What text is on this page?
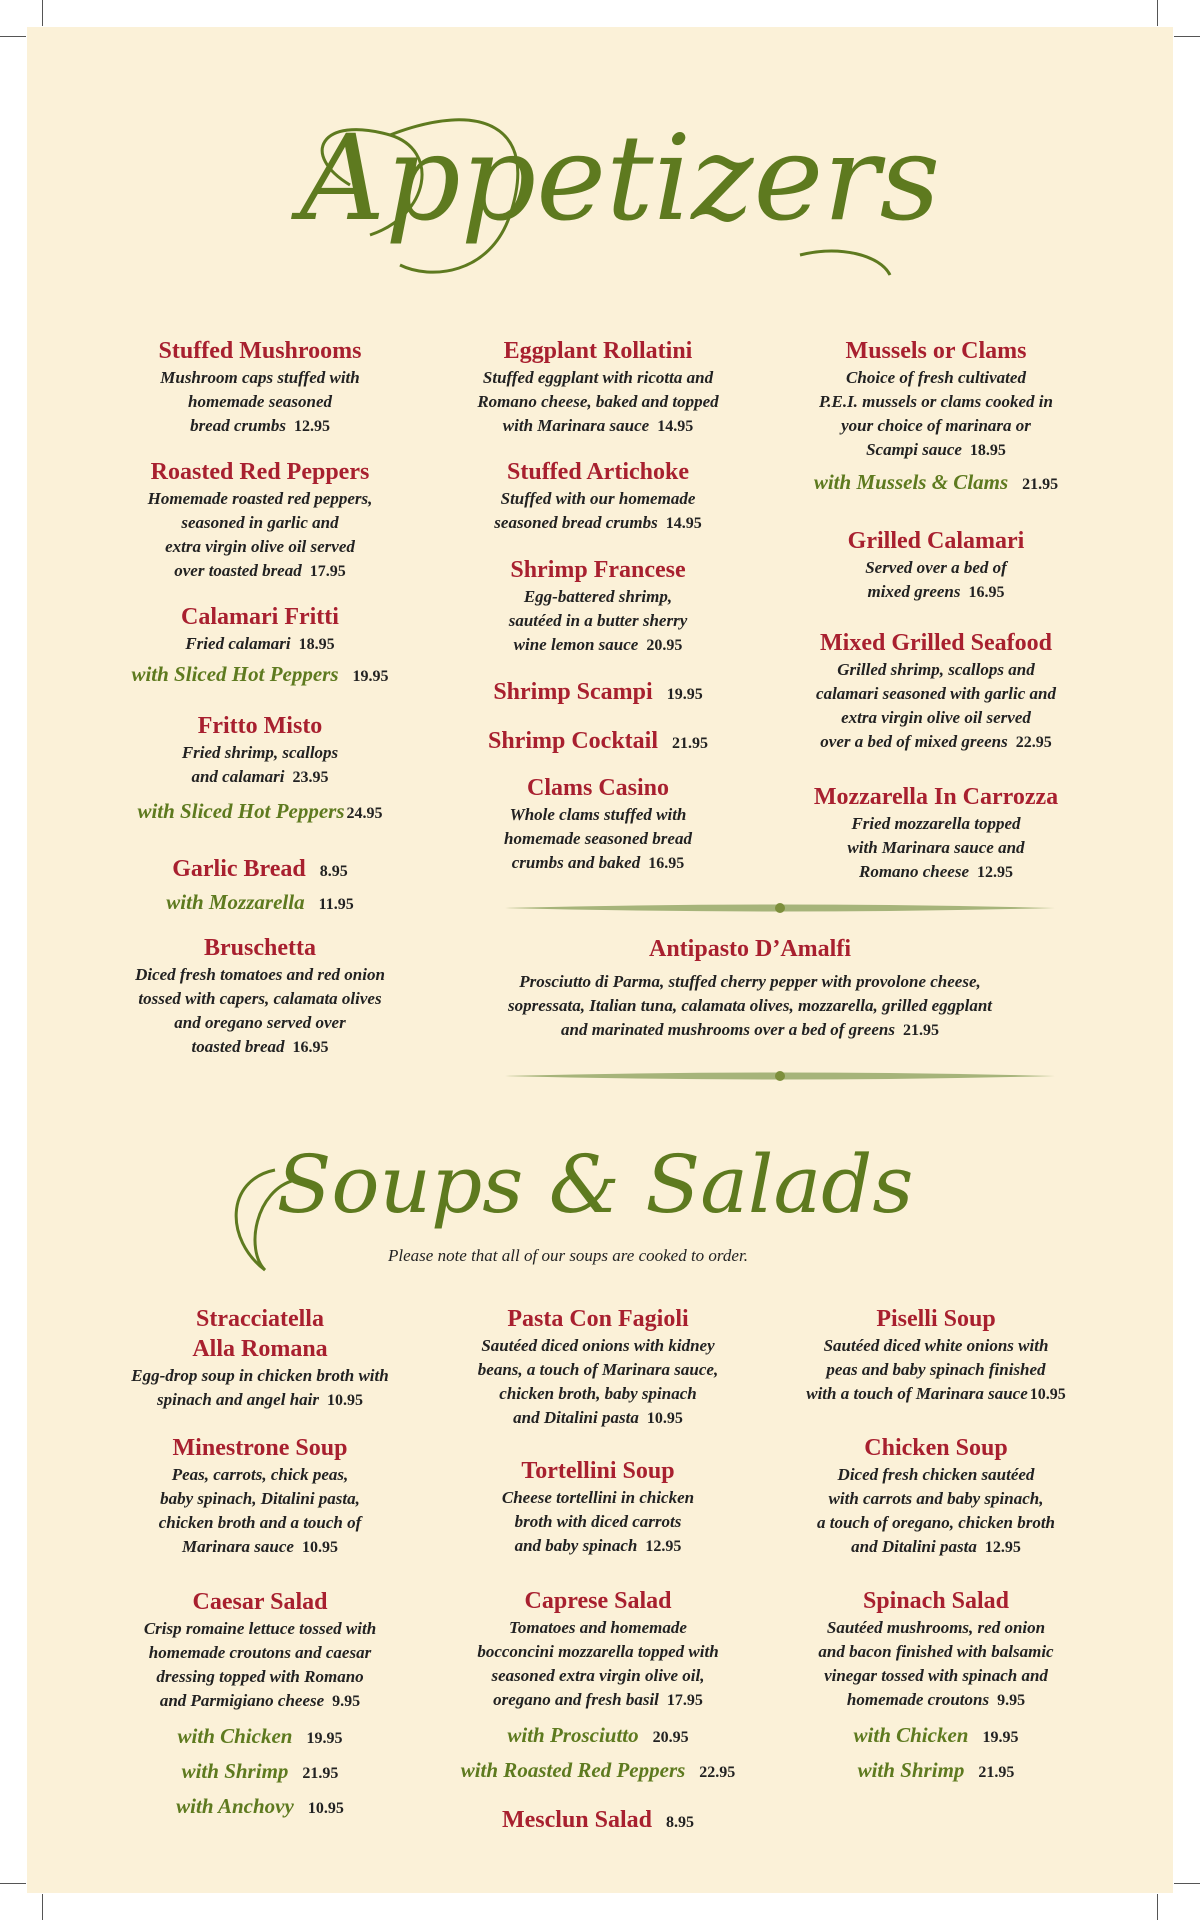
Appetizers
Stuffed Mushrooms
Mushroom caps stuffed with
homemade seasoned
bread crumbs 12.95
Roasted Red Peppers
Homemade roasted red peppers,
seasoned in garlic and
extra virgin olive oil served
over toasted bread 17.95
Calamari Fritti
Fried calamari 18.95
with Sliced Hot Peppers 19.95
Fritto Misto
Fried shrimp, scallops
and calamari 23.95
with Sliced Hot Peppers 24.95
Garlic Bread 8.95
with Mozzarella 11.95
Bruschetta
Diced fresh tomatoes and red onion
tossed with capers, calamata olives
and oregano served over
toasted bread 16.95
Eggplant Rollatini
Stuffed eggplant with ricotta and
Romano cheese, baked and topped
with Marinara sauce 14.95
Stuffed Artichoke
Stuffed with our homemade
seasoned bread crumbs 14.95
Shrimp Francese
Egg-battered shrimp,
sautéed in a butter sherry
wine lemon sauce 20.95
Shrimp Scampi 19.95
Shrimp Cocktail 21.95
Clams Casino
Whole clams stuffed with
homemade seasoned bread
crumbs and baked 16.95
Mussels or Clams
Choice of fresh cultivated
P.E.I. mussels or clams cooked in
your choice of marinara or
Scampi sauce 18.95
with Mussels & Clams 21.95
Grilled Calamari
Served over a bed of
mixed greens 16.95
Mixed Grilled Seafood
Grilled shrimp, scallops and
calamari seasoned with garlic and
extra virgin olive oil served
over a bed of mixed greens 22.95
Mozzarella In Carrozza
Fried mozzarella topped
with Marinara sauce and
Romano cheese 12.95
Antipasto D’Amalfi
Prosciutto di Parma, stuffed cherry pepper with provolone cheese,
sopressata, Italian tuna, calamata olives, mozzarella, grilled eggplant
and marinated mushrooms over a bed of greens 21.95
Soups & Salads
Please note that all of our soups are cooked to order.
Stracciatella
Alla Romana
Egg-drop soup in chicken broth with
spinach and angel hair 10.95
Minestrone Soup
Peas, carrots, chick peas,
baby spinach, Ditalini pasta,
chicken broth and a touch of
Marinara sauce 10.95
Caesar Salad
Crisp romaine lettuce tossed with
homemade croutons and caesar
dressing topped with Romano
and Parmigiano cheese 9.95
with Chicken 19.95
with Shrimp 21.95
with Anchovy 10.95
Pasta Con Fagioli
Sautéed diced onions with kidney
beans, a touch of Marinara sauce,
chicken broth, baby spinach
and Ditalini pasta 10.95
Tortellini Soup
Cheese tortellini in chicken
broth with diced carrots
and baby spinach 12.95
Caprese Salad
Tomatoes and homemade
bocconcini mozzarella topped with
seasoned extra virgin olive oil,
oregano and fresh basil 17.95
with Prosciutto 20.95
with Roasted Red Peppers 22.95
Mesclun Salad 8.95
Piselli Soup
Sautéed diced white onions with
peas and baby spinach finished
with a touch of Marinara sauce 10.95
Chicken Soup
Diced fresh chicken sautéed
with carrots and baby spinach,
a touch of oregano, chicken broth
and Ditalini pasta 12.95
Spinach Salad
Sautéed mushrooms, red onion
and bacon finished with balsamic
vinegar tossed with spinach and
homemade croutons 9.95
with Chicken 19.95
with Shrimp 21.95
